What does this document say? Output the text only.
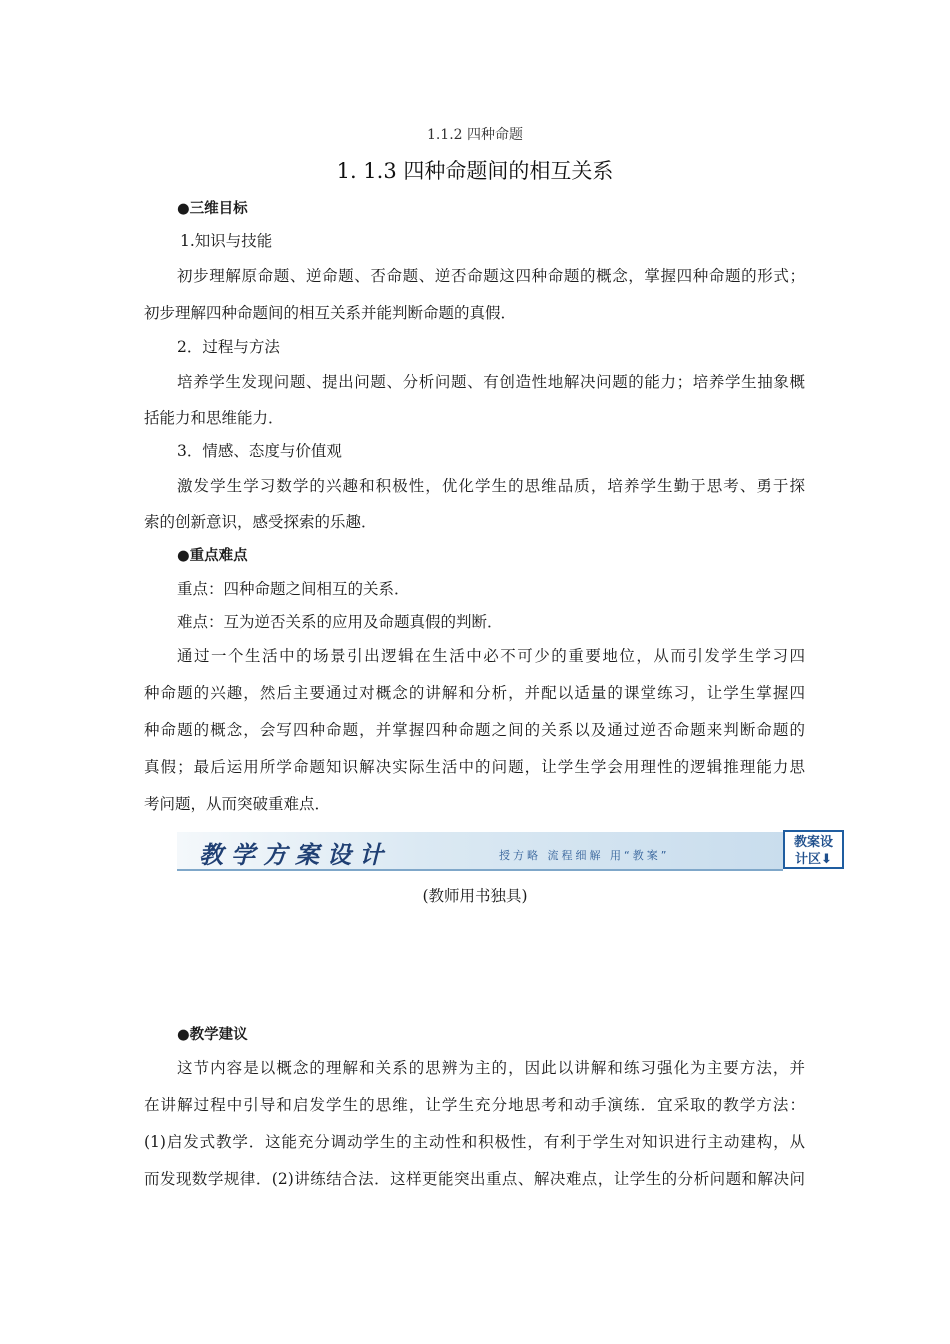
1.1.2 四种命题
1. 1.3 四种命题间的相互关系
●三维目标
1.知识与技能
初步理解原命题、逆命题、否命题、逆否命题这四种命题的概念，掌握四种命题的形式；
初步理解四种命题间的相互关系并能判断命题的真假．
2．过程与方法
培养学生发现问题、提出问题、分析问题、有创造性地解决问题的能力；培养学生抽象概
括能力和思维能力．
3．情感、态度与价值观
激发学生学习数学的兴趣和积极性，优化学生的思维品质，培养学生勤于思考、勇于探
索的创新意识，感受探索的乐趣．
●重点难点
重点：四种命题之间相互的关系．
难点：互为逆否关系的应用及命题真假的判断．
通过一个生活中的场景引出逻辑在生活中必不可少的重要地位，从而引发学生学习四
种命题的兴趣，然后主要通过对概念的讲解和分析，并配以适量的课堂练习，让学生掌握四
种命题的概念，会写四种命题，并掌握四种命题之间的关系以及通过逆否命题来判断命题的
真假；最后运用所学命题知识解决实际生活中的问题，让学生学会用理性的逻辑推理能力思
考问题，从而突破重难点．
教学方案设计	授方略 流程细解 用“教案”
教案设
计区⬇
(教师用书独具)
●教学建议
这节内容是以概念的理解和关系的思辨为主的，因此以讲解和练习强化为主要方法，并
在讲解过程中引导和启发学生的思维，让学生充分地思考和动手演练．宜采取的教学方法：
(1)启发式教学．这能充分调动学生的主动性和积极性，有利于学生对知识进行主动建构，从
而发现数学规律．(2)讲练结合法．这样更能突出重点、解决难点，让学生的分析问题和解决问
